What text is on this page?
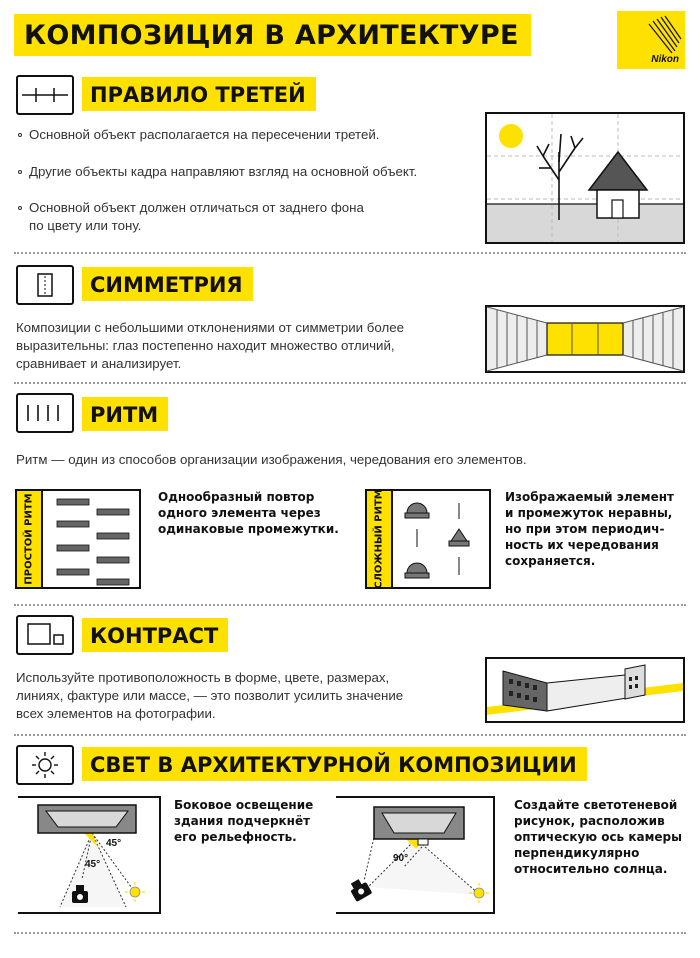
КОМПОЗИЦИЯ В АРХИТЕКТУРЕ
Nikon
ПРАВИЛО ТРЕТЕЙ
Основной объект располагается на пересечении третей.
Другие объекты кадра направляют взгляд на основной объект.
Основной объект должен отличаться от заднего фона
по цвету или тону.
СИММЕТРИЯ
Композиции с небольшими отклонениями от симметрии более
выразительны: глаз постепенно находит множество отличий,
сравнивает и анализирует.
РИТМ
Ритм — один из способов организации изображения, чередования его элементов.
ПРОСТОЙ РИТМ	Однообразный повтор
одного элемента через
одинаковые промежутки.	СЛОЖНЫЙ РИТМ	Изображаемый элемент
и промежуток неравны,
но при этом периодич-
ность их чередования
сохраняется.
КОНТРАСТ
Используйте противоположность в форме, цвете, размерах,
линиях, фактуре или массе, — это позволит усилить значение
всех элементов на фотографии.
СВЕТ В АРХИТЕКТУРНОЙ КОМПОЗИЦИИ
45°
45°
Боковое освещение
здания подчеркнёт
его рельефность.
90°
Создайте светотеневой
рисунок, расположив
оптическую ось камеры
перпендикулярно
относительно солнца.
